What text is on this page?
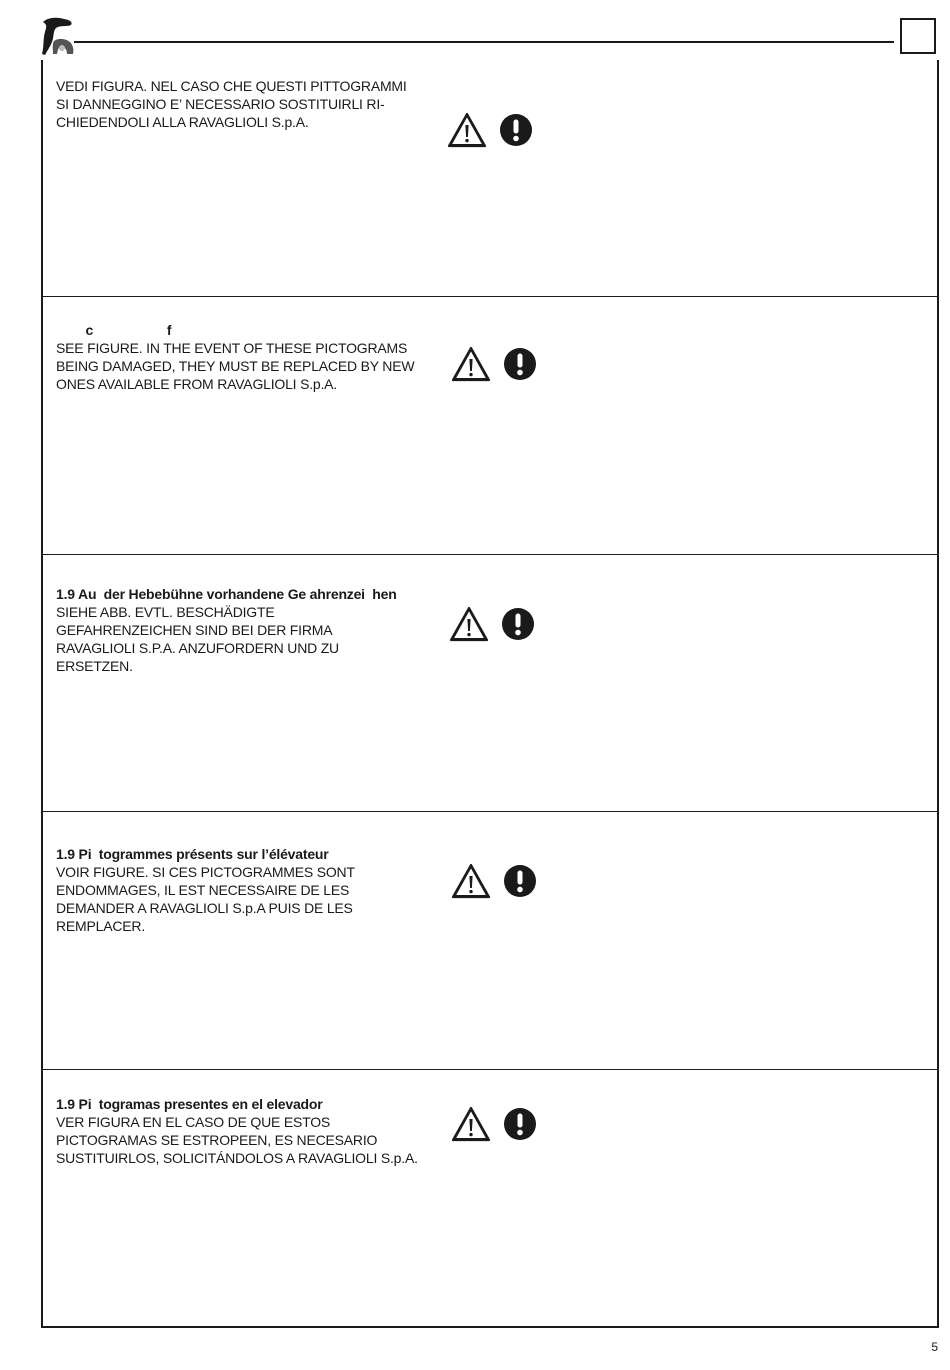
VEDI FIGURA. NEL CASO CHE QUESTI PITTOGRAMMI
SI DANNEGGINO E’ NECESSARIO SOSTITUIRLI RI-
CHIEDENDOLI ALLA RAVAGLIOLI S.p.A.

c                    f

SEE FIGURE. IN THE EVENT OF THESE PICTOGRAMS
BEING DAMAGED, THEY MUST BE REPLACED BY NEW
ONES AVAILABLE FROM RAVAGLIOLI S.p.A.

1.9 Au  der Hebebühne vorhandene Ge ahrenzei  hen

SIEHE ABB. EVTL. BESCHÄDIGTE
GEFAHRENZEICHEN SIND BEI DER FIRMA
RAVAGLIOLI S.P.A. ANZUFORDERN UND ZU
ERSETZEN.

1.9 Pi  togrammes présents sur l’élévateur

VOIR FIGURE. SI CES PICTOGRAMMES SONT
ENDOMMAGES, IL EST NECESSAIRE DE LES
DEMANDER A RAVAGLIOLI S.p.A PUIS DE LES
REMPLACER.

1.9 Pi  togramas presentes en el elevador

VER FIGURA EN EL CASO DE QUE ESTOS
PICTOGRAMAS SE ESTROPEEN, ES NECESARIO
SUSTITUIRLOS, SOLICITÁNDOLOS A RAVAGLIOLI S.p.A.

5
